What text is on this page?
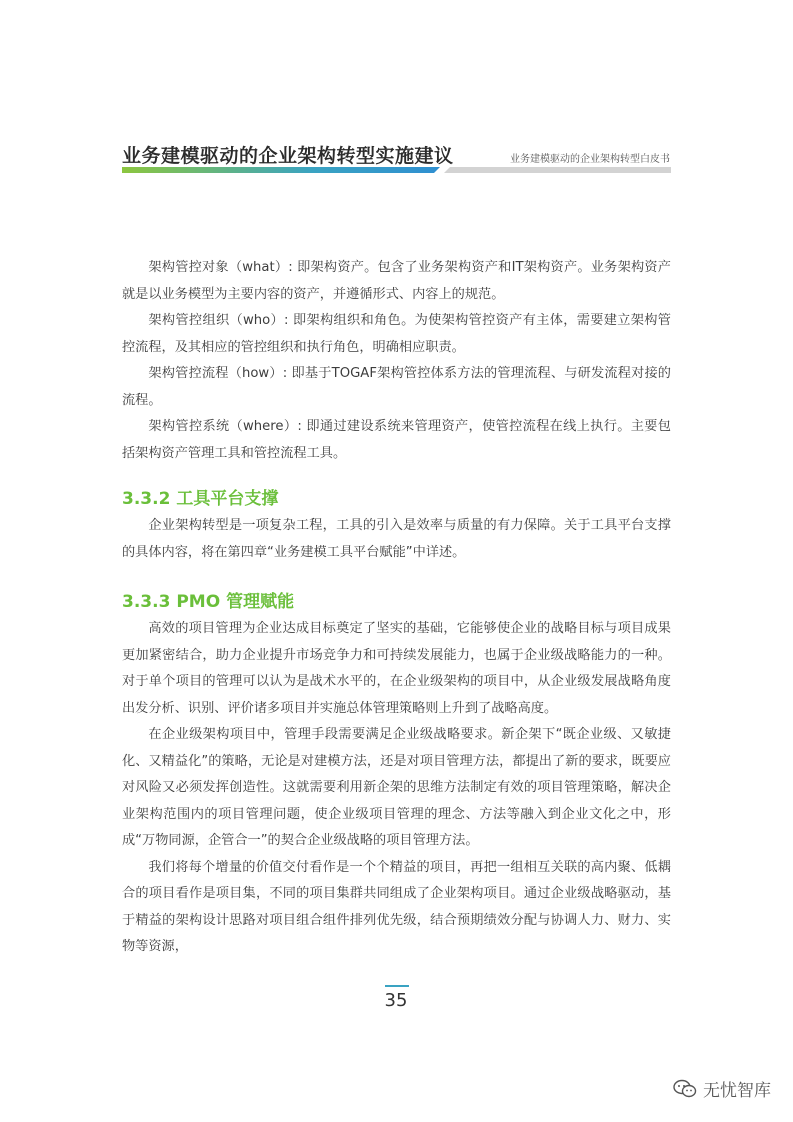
业务建模驱动的企业架构转型实施建议	业务建模驱动的企业架构转型白皮书

架构管控对象（what）: 即架构资产。包含了业务架构资产和IT架构资产。业务架构资产就是以业务模型为主要内容的资产，并遵循形式、内容上的规范。

架构管控组织（who）: 即架构组织和角色。为使架构管控资产有主体，需要建立架构管控流程，及其相应的管控组织和执行角色，明确相应职责。

架构管控流程（how）: 即基于TOGAF架构管控体系方法的管理流程、与研发流程对接的流程。

架构管控系统（where）: 即通过建设系统来管理资产，使管控流程在线上执行。主要包括架构资产管理工具和管控流程工具。

3.3.2 工具平台支撑

企业架构转型是一项复杂工程，工具的引入是效率与质量的有力保障。关于工具平台支撑的具体内容，将在第四章“业务建模工具平台赋能”中详述。

3.3.3 PMO 管理赋能

高效的项目管理为企业达成目标奠定了坚实的基础，它能够使企业的战略目标与项目成果更加紧密结合，助力企业提升市场竞争力和可持续发展能力，也属于企业级战略能力的一种。对于单个项目的管理可以认为是战术水平的，在企业级架构的项目中，从企业级发展战略角度出发分析、识别、评价诸多项目并实施总体管理策略则上升到了战略高度。

在企业级架构项目中，管理手段需要满足企业级战略要求。新企架下“既企业级、又敏捷化、又精益化”的策略，无论是对建模方法，还是对项目管理方法，都提出了新的要求，既要应对风险又必须发挥创造性。这就需要利用新企架的思维方法制定有效的项目管理策略，解决企业架构范围内的项目管理问题，使企业级项目管理的理念、方法等融入到企业文化之中，形成“万物同源，企管合一”的契合企业级战略的项目管理方法。

我们将每个增量的价值交付看作是一个个精益的项目，再把一组相互关联的高内聚、低耦合的项目看作是项目集，不同的项目集群共同组成了企业架构项目。通过企业级战略驱动，基于精益的架构设计思路对项目组合组件排列优先级，结合预期绩效分配与协调人力、财力、实物等资源，

35
无忧智库
